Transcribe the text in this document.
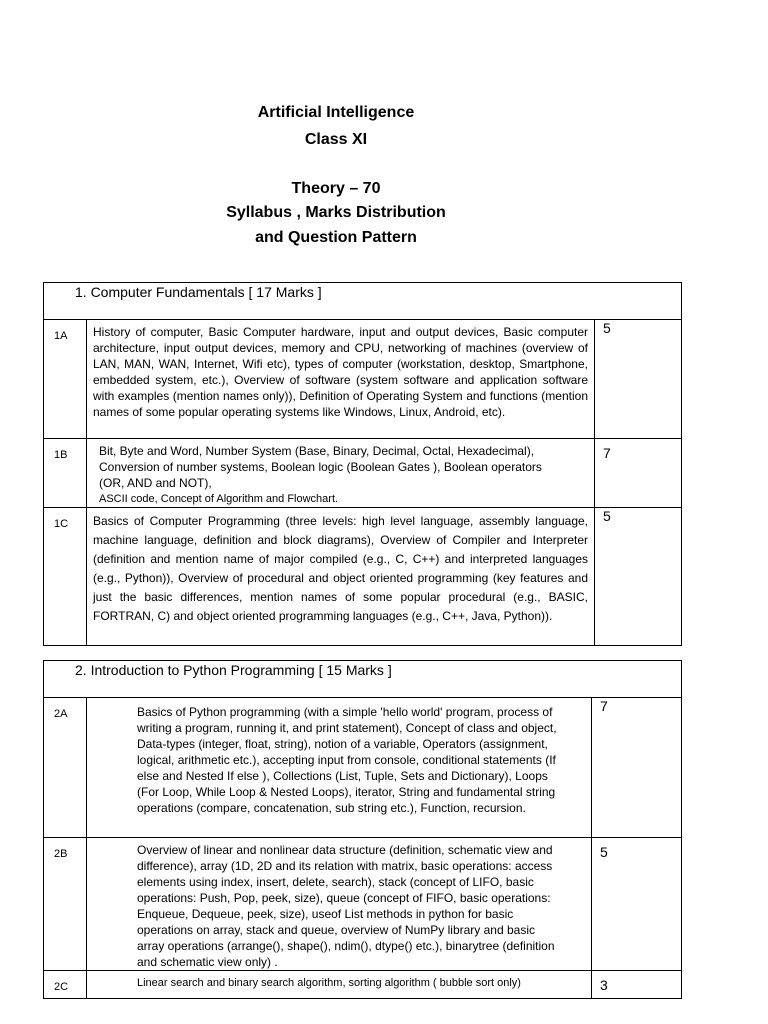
Artificial Intelligence
Class XI
Theory – 70
Syllabus , Marks Distribution
and Question Pattern
1. Computer Fundamentals [ 17 Marks ]		
1A	History of computer, Basic Computer hardware, input and output devices, Basic computer architecture, input output devices, memory and CPU, networking of machines (overview of LAN, MAN, WAN, Internet, Wifi etc), types of computer (workstation, desktop, Smartphone, embedded system, etc.), Overview of software (system software and application software with examples (mention names only)), Definition of Operating System and functions (mention names of some popular operating systems like Windows, Linux, Android, etc).	5
1B	Bit, Byte and Word, Number System (Base, Binary, Decimal, Octal, Hexadecimal), Conversion of number systems, Boolean logic (Boolean Gates ), Boolean operators (OR, AND and NOT),
ASCII code, Concept of Algorithm and Flowchart.	7
1C	Basics of Computer Programming (three levels: high level language, assembly language, machine language, definition and block diagrams), Overview of Compiler and Interpreter (definition and mention name of major compiled (e.g., C, C++) and interpreted languages (e.g., Python)), Overview of procedural and object oriented programming (key features and just the basic differences, mention names of some popular procedural (e.g., BASIC, FORTRAN, C) and object oriented programming languages (e.g., C++, Java, Python)).	5
2. Introduction to Python Programming [ 15 Marks ]		
2A	Basics of Python programming (with a simple 'hello world' program, process of writing a program, running it, and print statement), Concept of class and object, Data-types (integer, float, string), notion of a variable, Operators (assignment, logical, arithmetic etc.), accepting input from console, conditional statements (If else and Nested If else ), Collections (List, Tuple, Sets and Dictionary), Loops (For Loop, While Loop & Nested Loops), iterator, String and fundamental string operations (compare, concatenation, sub string etc.), Function, recursion.	7
2B	Overview of linear and nonlinear data structure (definition, schematic view and difference), array (1D, 2D and its relation with matrix, basic operations: access elements using index, insert, delete, search), stack (concept of LIFO, basic operations: Push, Pop, peek, size), queue (concept of FIFO, basic operations: Enqueue, Dequeue, peek, size), useof List methods in python for basic operations on array, stack and queue, overview of NumPy library and basic array operations (arrange(), shape(), ndim(), dtype() etc.), binarytree (definition and schematic view only) .	5
2C	Linear search and binary search algorithm, sorting algorithm ( bubble sort only)	3
